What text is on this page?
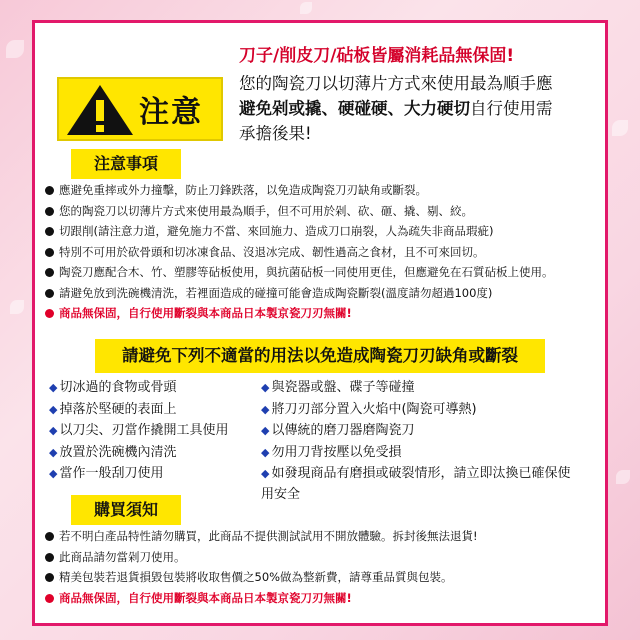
注意
刀子/削皮刀/砧板皆屬消耗品無保固!
您的陶瓷刀以切薄片方式來使用最為順手應
避免剁或撬、硬碰硬、大力硬切自行使用需
承擔後果!
注意事項
應避免重摔或外力撞擊，防止刀鋒跌落，以免造成陶瓷刀刃缺角或斷裂。
您的陶瓷刀以切薄片方式來使用最為順手，但不可用於剁、砍、砸、撬、剔、絞。
切跟削(請注意力道，避免施力不當、來回施力、造成刀口崩裂，人為疏失非商品瑕疵)
特別不可用於砍骨頭和切冰凍食品、沒退冰完成、韌性過高之食材，且不可來回切。
陶瓷刀應配合木、竹、塑膠等砧板使用，與抗菌砧板一同使用更佳，但應避免在石質砧板上使用。
請避免放到洗碗機清洗，若裡面造成的碰撞可能會造成陶瓷斷裂(溫度請勿超過100度)
商品無保固，自行使用斷裂與本商品日本製京瓷刀刃無關!
請避免下列不適當的用法以免造成陶瓷刀刃缺角或斷裂
◆ 切冰過的食物或骨頭
◆ 掉落於堅硬的表面上
◆ 以刀尖、刃當作撬開工具使用
◆ 放置於洗碗機內清洗
◆ 當作一般刮刀使用
◆ 與瓷器或盤、碟子等碰撞
◆ 將刀刃部分置入火焰中(陶瓷可導熱)
◆ 以傳統的磨刀器磨陶瓷刀
◆ 勿用刀背按壓以免受損
◆ 如發現商品有磨損或破裂情形，請立即汰換已確保使用安全
購買須知
若不明白產品特性請勿購買，此商品不提供測試試用不開放體驗。拆封後無法退貨!
此商品請勿當剁刀使用。
精美包裝若退貨損毀包裝將收取售價之50%做為整新費，請尊重品質與包裝。
商品無保固，自行使用斷裂與本商品日本製京瓷刀刃無關!
